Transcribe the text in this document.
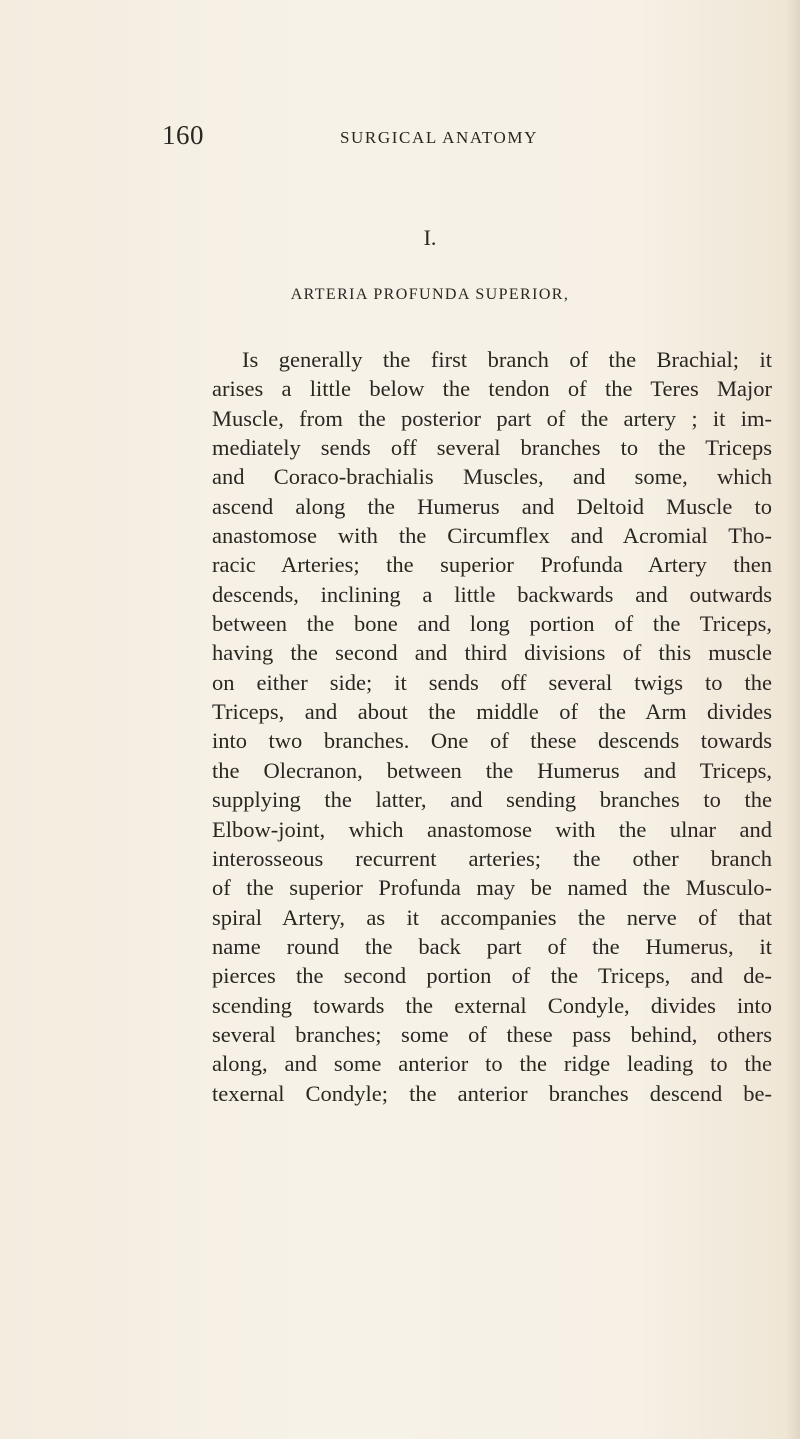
160	SURGICAL ANATOMY
I.
ARTERIA PROFUNDA SUPERIOR,
Is generally the first branch of the Brachial; it
arises a little below the tendon of the Teres Major
Muscle, from the posterior part of the artery ; it im-
mediately sends off several branches to the Triceps
and Coraco-brachialis Muscles, and some, which
ascend along the Humerus and Deltoid Muscle to
anastomose with the Circumflex and Acromial Tho-
racic Arteries; the superior Profunda Artery then
descends, inclining a little backwards and outwards
between the bone and long portion of the Triceps,
having the second and third divisions of this muscle
on either side; it sends off several twigs to the
Triceps, and about the middle of the Arm divides
into two branches. One of these descends towards
the Olecranon, between the Humerus and Triceps,
supplying the latter, and sending branches to the
Elbow-joint, which anastomose with the ulnar and
interosseous recurrent arteries; the other branch
of the superior Profunda may be named the Musculo-
spiral Artery, as it accompanies the nerve of that
name round the back part of the Humerus, it
pierces the second portion of the Triceps, and de-
scending towards the external Condyle, divides into
several branches; some of these pass behind, others
along, and some anterior to the ridge leading to the
texernal Condyle; the anterior branches descend be-
